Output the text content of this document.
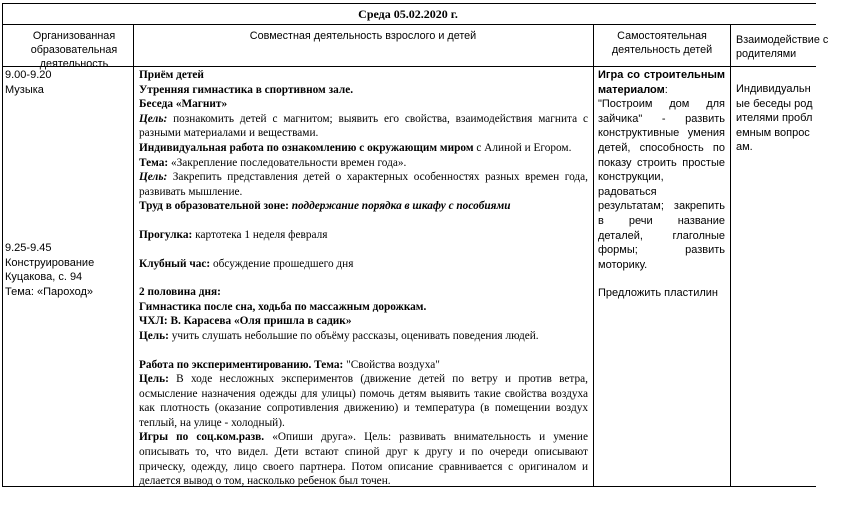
Среда 05.02.2020 г.
Организованная образовательная деятельность
Совместная деятельность взрослого и детей	Самостоятельная деятельность детей
Взаимодействие с родителями

9.00-9.20

Музыка

9.25-9.45

Конструирование

Куцакова, с. 94

Тема: «Пароход»

Приём детей

Утренняя гимнастика в спортивном зале.

Беседа «Магнит»

Цель: познакомить детей с магнитом; выявить его свойства, взаимодействия магнита с разными материалами и веществами.

Индивидуальная работа по ознакомлению с окружающим миром с Алиной и Егором.

Тема: «Закрепление последовательности времен года».

Цель: Закрепить представления детей о характерных особенностях разных времен года, развивать мышление.

Труд в образовательной зоне: поддержание порядка в шкафу с пособиями

Прогулка: картотека 1 неделя февраля

Клубный час: обсуждение прошедшего дня

2 половина дня:

Гимнастика после сна, ходьба по массажным дорожкам.

ЧХЛ: В. Карасева «Оля пришла в садик»

Цель: учить слушать небольшие по объёму рассказы, оценивать поведения людей.

Работа по экспериментированию. Тема: "Свойства воздуха"

Цель: В ходе несложных экспериментов (движение детей по ветру и против ветра, осмысление назначения одежды для улицы) помочь детям выявить такие свойства воздуха как плотность (оказание сопротивления движению) и температура (в помещении воздух теплый, на улице - холодный).

Игры по соц.ком.разв. «Опиши друга». Цель: развивать внимательность и умение описывать то, что видел. Дети встают спиной друг к другу и по очереди описывают прическу, одежду, лицо своего партнера. Потом описание сравнивается с оригиналом и делается вывод о том, насколько ребенок был точен.

Игра со строительным материалом: "Построим дом для зайчика" - развить конструктивные умения детей, способность по показу строить простые конструкции, радоваться результатам; закрепить в речи название деталей, глаголные формы; развить моторику.

Предложить пластилин

Индивидуальные беседы родителями проблемным вопросам.
